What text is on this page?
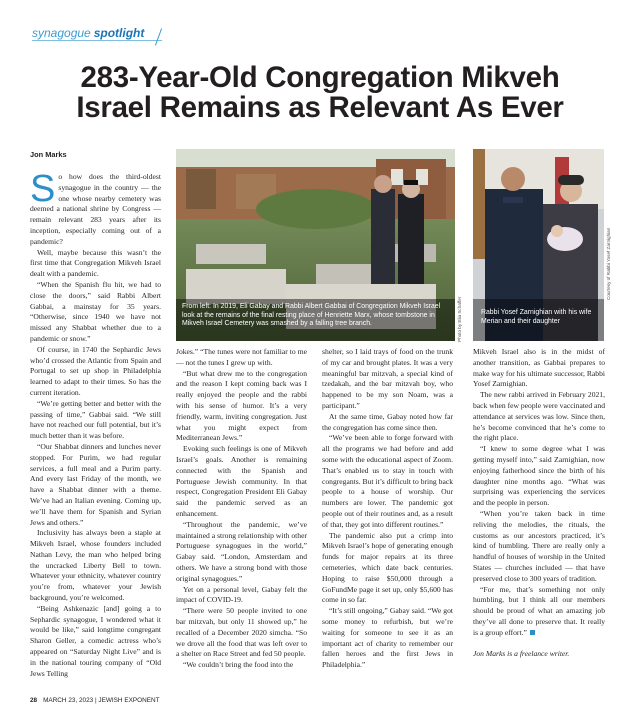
synagogue spotlight
283-Year-Old Congregation Mikveh
Israel Remains as Relevant As Ever
Jon Marks
From left: In 2019, Eli Gabay and Rabbi Albert Gabbai of Congregation Mikveh Israel look at the remains of the final resting place of Henriette Marx, whose tombstone in Mikveh Israel Cemetery was smashed by a falling tree branch.	Photo by Elia Schaffer	Rabbi Yosef Zarnighian with his wife Merian and their daughter
Courtesy of Rabbi Yosef Zarnighian
S o how does the third-oldest synagogue in the country — the one whose nearby cemetery was deemed a national shrine by Congress — remain relevant 283 years after its inception, especially coming out of a pandemic?

Well, maybe because this wasn’t the first time that Congregation Mikveh Israel dealt with a pandemic.

“When the Spanish flu hit, we had to close the doors,” said Rabbi Albert Gabbai, a mainstay for 35 years. “Otherwise, since 1940 we have not missed any Shabbat whether due to a pandemic or snow.”

Of course, in 1740 the Sephardic Jews who’d crossed the Atlantic from Spain and Portugal to set up shop in Philadelphia learned to adapt to their times. So has the current iteration.

“We’re getting better and better with the passing of time,” Gabbai said. “We still have not reached our full potential, but it’s much better than it was before.

“Our Shabbat dinners and lunches never stopped. For Purim, we had regular services, a full meal and a Purim party. And every last Friday of the month, we have a Shabbat dinner with a theme. We’ve had an Italian evening. Coming up, we’ll have them for Spanish and Syrian Jews and others.”

Inclusivity has always been a staple at Mikveh Israel, whose founders included Nathan Levy, the man who helped bring the uncracked Liberty Bell to town. Whatever your ethnicity, whatever country you’re from, whatever your Jewish background, you’re welcomed.

“Being Ashkenazic [and] going a to Sephardic synagogue, I wondered what it would be like,” said longtime congregant Sharon Geller, a comedic actress who’s appeared on “Saturday Night Live” and is in the national touring company of “Old Jews Telling

Jokes.” “The tunes were not familiar to me — not the tunes I grew up with.

“But what drew me to the congregation and the reason I kept coming back was I really enjoyed the people and the rabbi with his sense of humor. It’s a very friendly, warm, inviting congregation. Just what you might expect from Mediterranean Jews.”

Evoking such feelings is one of Mikveh Israel’s goals. Another is remaining connected with the Spanish and Portuguese Jewish community. In that respect, Congregation President Eli Gabay said the pandemic served as an enhancement.

“Throughout the pandemic, we’ve maintained a strong relationship with other Portuguese synagogues in the world,” Gabay said. “London, Amsterdam and others. We have a strong bond with those original synagogues.”

Yet on a personal level, Gabay felt the impact of COVID-19.

“There were 50 people invited to one bar mitzvah, but only 11 showed up,” he recalled of a December 2020 simcha. “So we drove all the food that was left over to a shelter on Race Street and fed 50 people.

“We couldn’t bring the food into the

shelter, so I laid trays of food on the trunk of my car and brought plates. It was a very meaningful bar mitzvah, a special kind of tzedakah, and the bar mitzvah boy, who happened to be my son Noam, was a participant.”

At the same time, Gabay noted how far the congregation has come since then.

“We’ve been able to forge forward with all the programs we had before and add some with the educational aspect of Zoom. That’s enabled us to stay in touch with congregants. But it’s difficult to bring back people to a house of worship. Our numbers are lower. The pandemic got people out of their routines and, as a result of that, they got into different routines.”

The pandemic also put a crimp into Mikveh Israel’s hope of generating enough funds for major repairs at its three cemeteries, which date back centuries. Hoping to raise $50,000 through a GoFundMe page it set up, only $5,600 has come in so far.

“It’s still ongoing,” Gabay said. “We got some money to refurbish, but we’re waiting for someone to see it as an important act of charity to remember our fallen heroes and the first Jews in Philadelphia.”

Mikveh Israel also is in the midst of another transition, as Gabbai prepares to make way for his ultimate successor, Rabbi Yosef Zarnighian.

The new rabbi arrived in February 2021, back when few people were vaccinated and attendance at services was low. Since then, he’s become convinced that he’s come to the right place.

“I knew to some degree what I was getting myself into,” said Zarnighian, now enjoying fatherhood since the birth of his daughter nine months ago. “What was surprising was experiencing the services and the people in person.

“When you’re taken back in time reliving the melodies, the rituals, the customs as our ancestors practiced, it’s kind of humbling. There are really only a handful of houses of worship in the United States — churches included — that have preserved close to 300 years of tradition.

“For me, that’s something not only humbling, but I think all our members should be proud of what an amazing job they’ve all done to preserve that. It really is a group effort.”

Jon Marks is a freelance writer.

28 MARCH 23, 2023 | JEWISH EXPONENT
